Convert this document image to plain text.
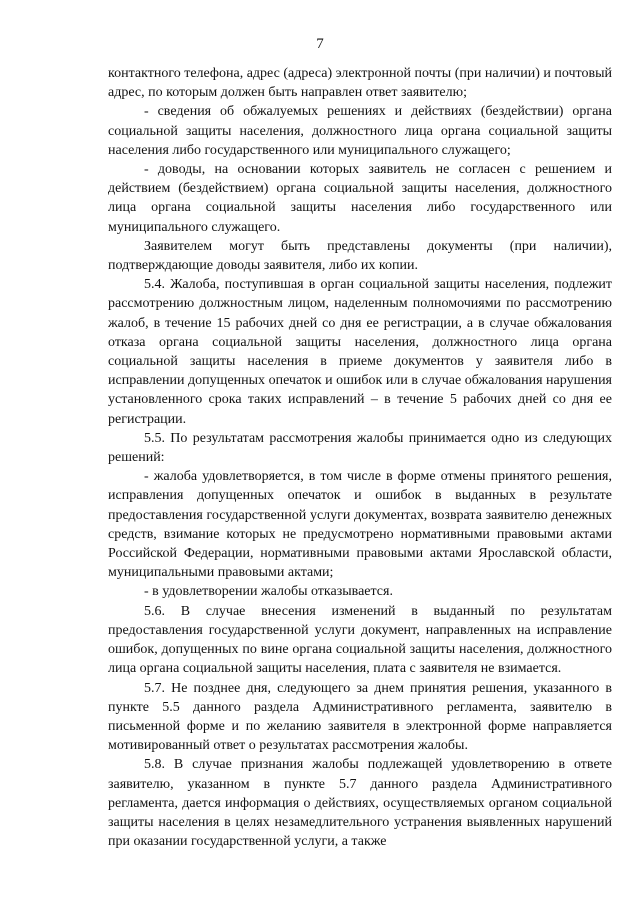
7

контактного телефона, адрес (адреса) электронной почты (при наличии) и почтовый адрес, по которым должен быть направлен ответ заявителю;

- сведения об обжалуемых решениях и действиях (бездействии) органа социальной защиты населения, должностного лица органа социальной защиты населения либо государственного или муниципального служащего;

- доводы, на основании которых заявитель не согласен с решением и действием (бездействием) органа социальной защиты населения, должностного лица органа социальной защиты населения либо государственного или муниципального служащего.

Заявителем могут быть представлены документы (при наличии), подтверждающие доводы заявителя, либо их копии.

5.4. Жалоба, поступившая в орган социальной защиты населения, подлежит рассмотрению должностным лицом, наделенным полномочиями по рассмотрению жалоб, в течение 15 рабочих дней со дня ее регистрации, а в случае обжалования отказа органа социальной защиты населения, должностного лица органа социальной защиты населения в приеме документов у заявителя либо в исправлении допущенных опечаток и ошибок или в случае обжалования нарушения установленного срока таких исправлений – в течение 5 рабочих дней со дня ее регистрации.

5.5. По результатам рассмотрения жалобы принимается одно из следующих решений:

- жалоба удовлетворяется, в том числе в форме отмены принятого решения, исправления допущенных опечаток и ошибок в выданных в результате предоставления государственной услуги документах, возврата заявителю денежных средств, взимание которых не предусмотрено нормативными правовыми актами Российской Федерации, нормативными правовыми актами Ярославской области, муниципальными правовыми актами;

- в удовлетворении жалобы отказывается.

5.6. В случае внесения изменений в выданный по результатам предоставления государственной услуги документ, направленных на исправление ошибок, допущенных по вине органа социальной защиты населения, должностного лица органа социальной защиты населения, плата с заявителя не взимается.

5.7. Не позднее дня, следующего за днем принятия решения, указанного в пункте 5.5 данного раздела Административного регламента, заявителю в письменной форме и по желанию заявителя в электронной форме направляется мотивированный ответ о результатах рассмотрения жалобы.

5.8. В случае признания жалобы подлежащей удовлетворению в ответе заявителю, указанном в пункте 5.7 данного раздела Административного регламента, дается информация о действиях, осуществляемых органом социальной защиты населения в целях незамедлительного устранения выявленных нарушений при оказании государственной услуги, а также
